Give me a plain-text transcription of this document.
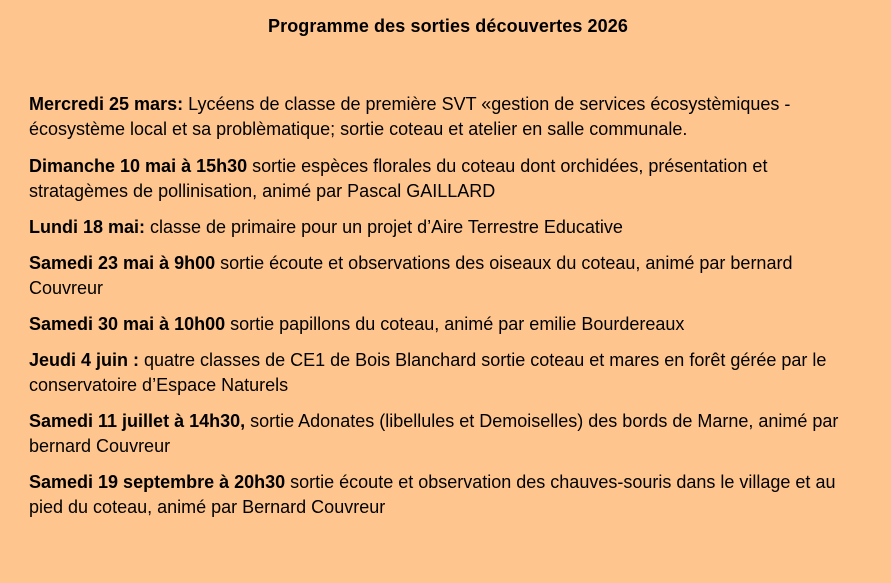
Programme des sorties découvertes 2026

Mercredi 25 mars: Lycéens de classe de première SVT «gestion de services écosystèmiques - écosystème local et sa problèmatique; sortie coteau et atelier en salle communale.

Dimanche 10 mai à 15h30 sortie espèces florales du coteau dont orchidées, présentation et stratagèmes de pollinisation, animé par Pascal GAILLARD

Lundi 18 mai: classe de primaire pour un projet d’Aire Terrestre Educative

Samedi 23 mai à 9h00 sortie écoute et observations des oiseaux du coteau, animé par bernard Couvreur

Samedi 30 mai à 10h00 sortie papillons du coteau, animé par emilie Bourdereaux

Jeudi 4 juin : quatre classes de CE1 de Bois Blanchard sortie coteau et mares en forêt gérée par le conservatoire d’Espace Naturels

Samedi 11 juillet à 14h30, sortie Adonates (libellules et Demoiselles) des bords de Marne, animé par bernard Couvreur

Samedi 19 septembre à 20h30 sortie écoute et observation des chauves-souris dans le village et au pied du coteau, animé par Bernard Couvreur
